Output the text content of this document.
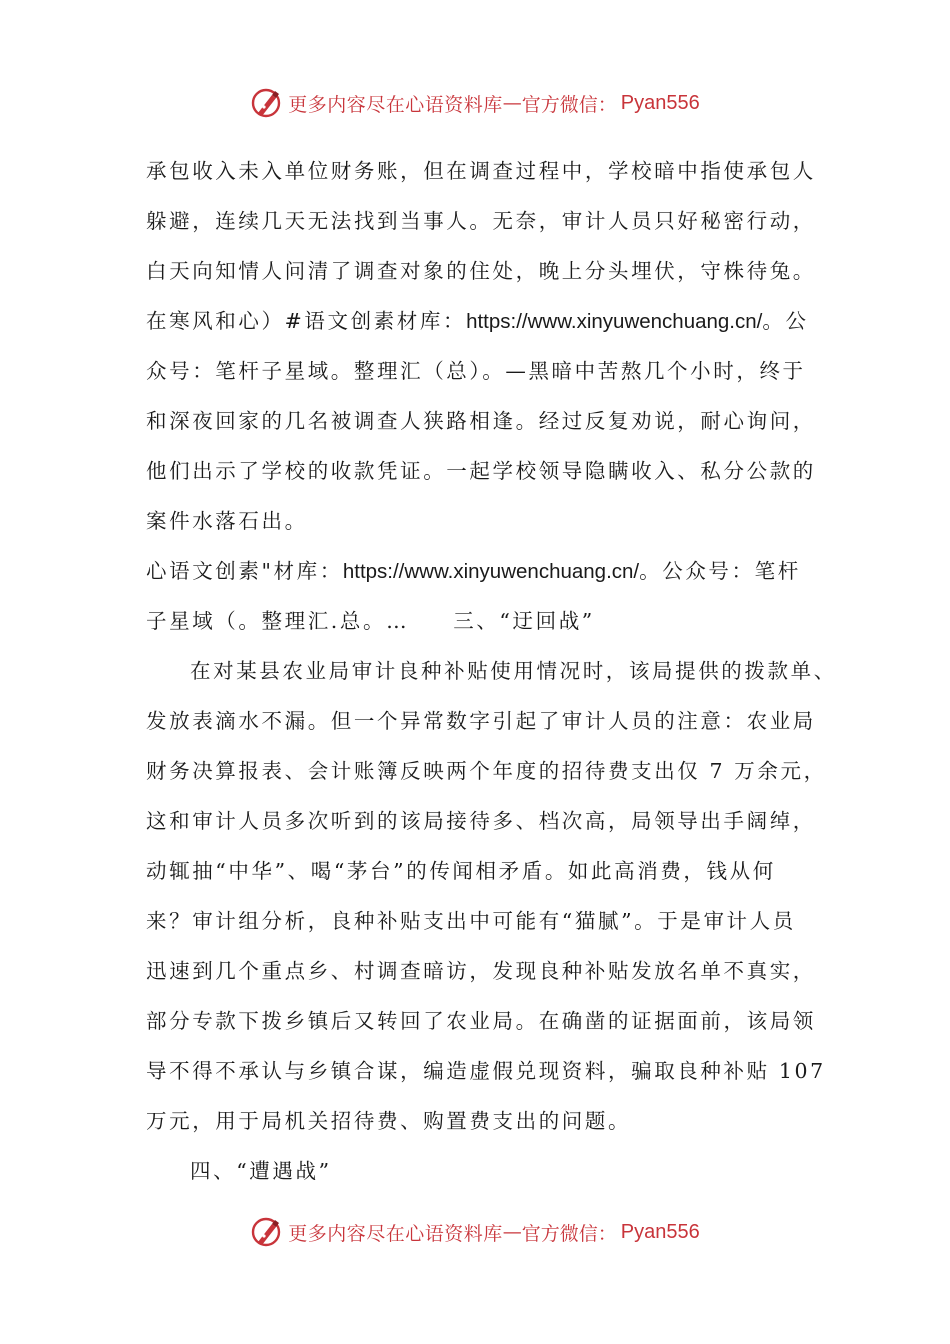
更多内容尽在心语资料库 — 官方微信： Pyan556
承包收入未入单位财务账，但在调查过程中，学校暗中指使承包人
躲避，连续几天无法找到当事人。无奈，审计人员只好秘密行动，
白天向知情人问清了调查对象的住处，晚上分头埋伏，守株待兔。
在寒风和心）#语文创素材库：https://www.xinyuwenchuang.cn/。公
众号：笔杆子星域。整理汇（总）。—黑暗中苦熬几个小时，终于
和深夜回家的几名被调查人狭路相逢。经过反复劝说，耐心询问，
他们出示了学校的收款凭证。一起学校领导隐瞒收入、私分公款的
案件水落石出。
心语文创素"材库：https://www.xinyuwenchuang.cn/。公众号：笔杆
子星域（。整理汇.总。… 三、“迂回战”
在对某县农业局审计良种补贴使用情况时，该局提供的拨款单、
发放表滴水不漏。但一个异常数字引起了审计人员的注意：农业局
财务决算报表、会计账簿反映两个年度的招待费支出仅 7 万余元，
这和审计人员多次听到的该局接待多、档次高，局领导出手阔绰，
动辄抽“中华”、喝“茅台”的传闻相矛盾。如此高消费，钱从何
来？审计组分析，良种补贴支出中可能有“猫腻”。于是审计人员
迅速到几个重点乡、村调查暗访，发现良种补贴发放名单不真实，
部分专款下拨乡镇后又转回了农业局。在确凿的证据面前，该局领
导不得不承认与乡镇合谋，编造虚假兑现资料，骗取良种补贴 107
万元，用于局机关招待费、购置费支出的问题。
四、“遭遇战”
更多内容尽在心语资料库 — 官方微信： Pyan556
